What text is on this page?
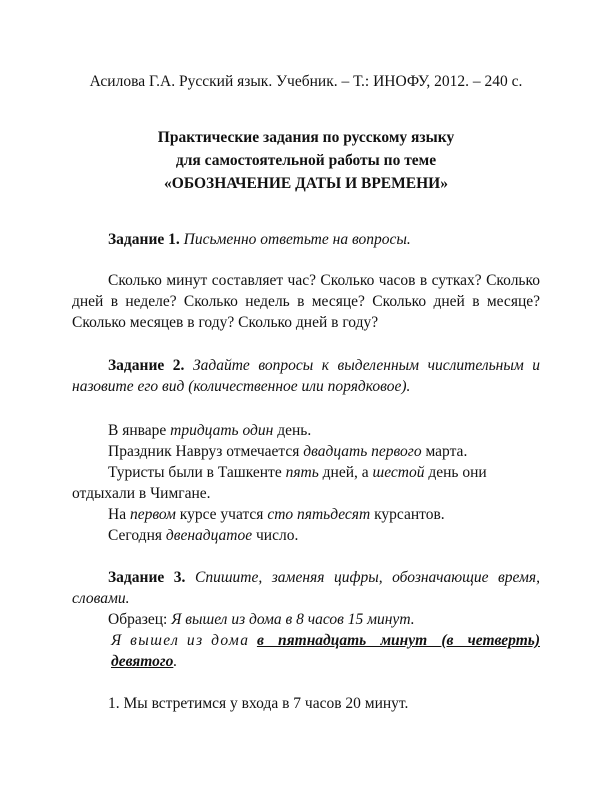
Асилова Г.А. Русский язык. Учебник. – Т.: ИНОФУ, 2012. – 240 с.
Практические задания по русскому языку
для самостоятельной работы по теме
«ОБОЗНАЧЕНИЕ ДАТЫ И ВРЕМЕНИ»
Задание 1. Письменно ответьте на вопросы.
Сколько минут составляет час? Сколько часов в сутках? Сколько дней в неделе? Сколько недель в месяце? Сколько дней в месяце? Сколько месяцев в году? Сколько дней в году?
Задание 2. Задайте вопросы к выделенным числительным и назовите его вид (количественное или порядковое).
В январе тридцать один день.
Праздник Навруз отмечается двадцать первого марта.
Туристы были в Ташкенте пять дней, а шестой день они
отдыхали в Чимгане.
На первом курсе учатся сто пятьдесят курсантов.
Сегодня двенадцатое число.
Задание 3. Спишите, заменяя цифры, обозначающие время, словами.
Образец: Я вышел из дома в 8 часов 15 минут.
Я вышел из дома в пятнадцать минут (в четверть) девятого.
1. Мы встретимся у входа в 7 часов 20 минут.
